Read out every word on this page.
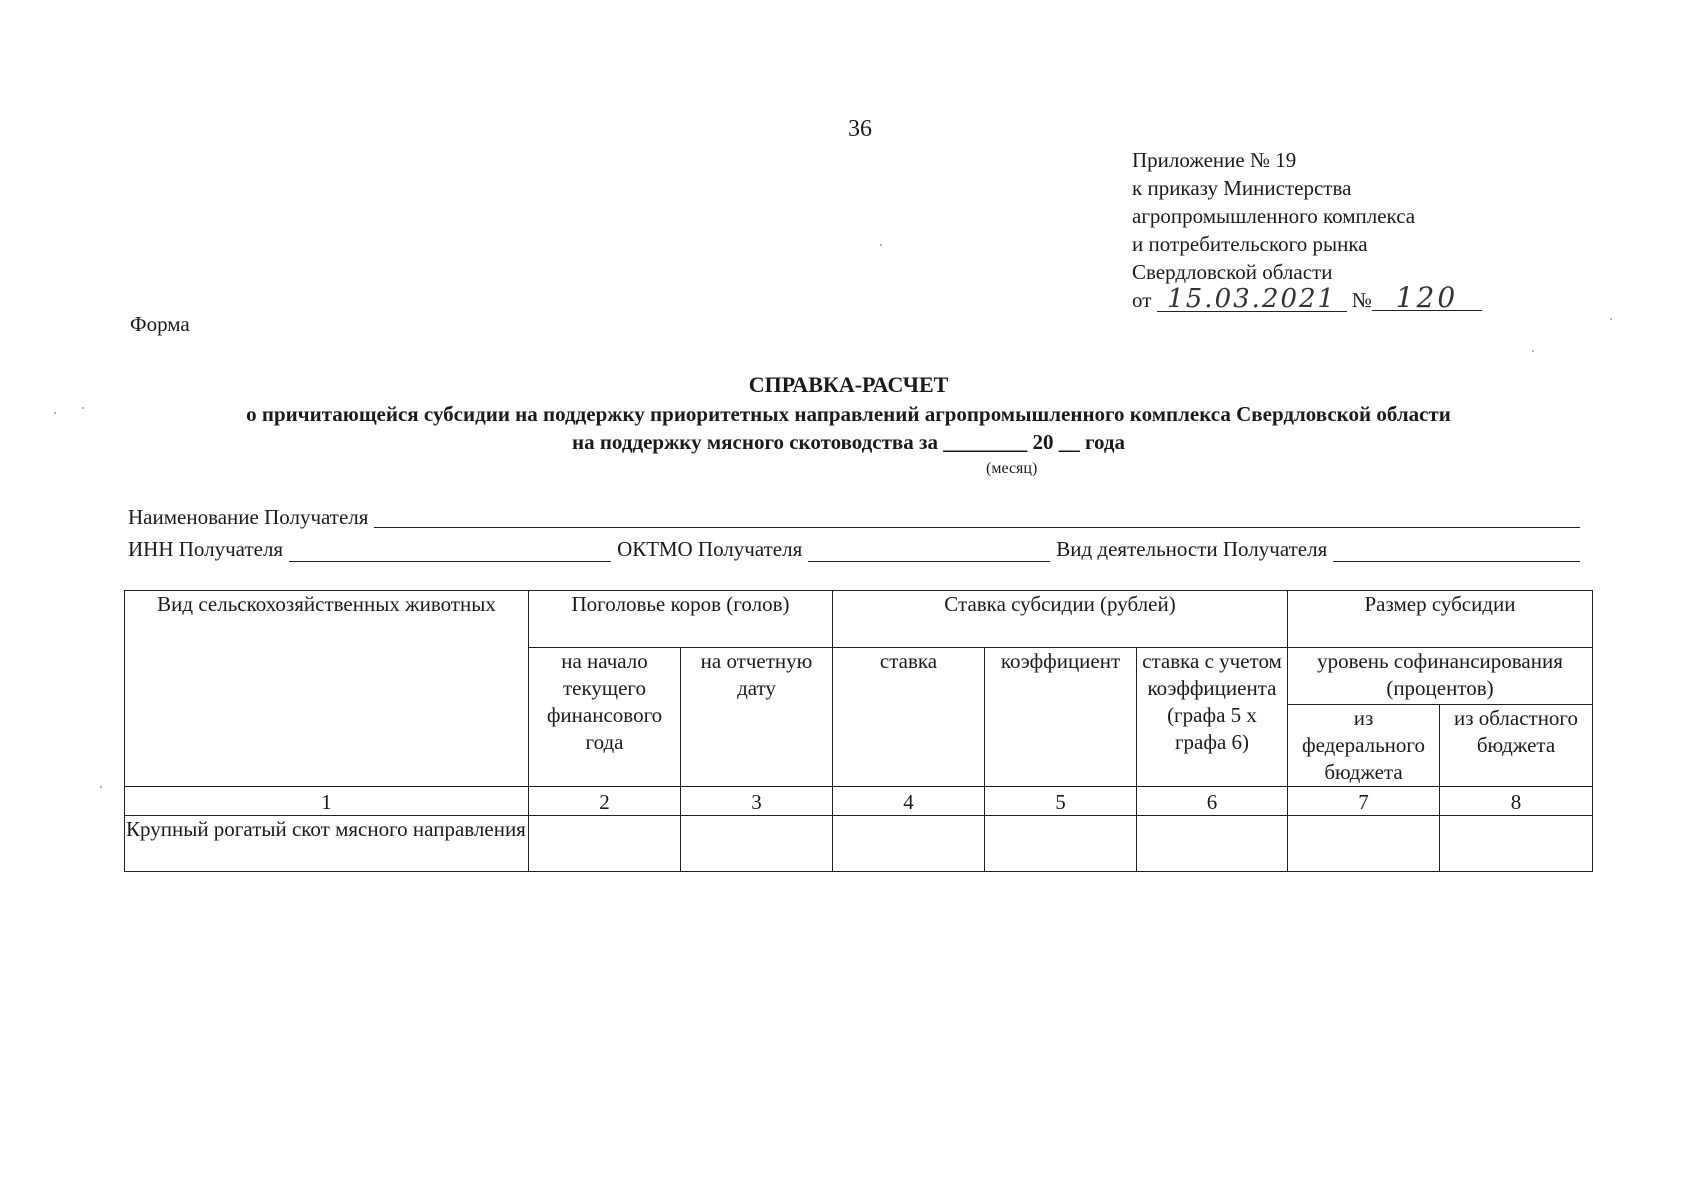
36
Приложение № 19
к приказу Министерства
агропромышленного комплекса
и потребительского рынка
Свердловской области
от 15.03.2021 № 120
Форма
СПРАВКА-РАСЧЕТ
о причитающейся субсидии на поддержку приоритетных направлений агропромышленного комплекса Свердловской области
на поддержку мясного скотоводства за ________ 20 __ года
(месяц)
Наименование Получателя
ИНН Получателя	ОКТМО Получателя	Вид деятельности Получателя
Вид сельскохозяйственных животных	Поголовье коров (голов)		Ставка субсидии (рублей)			Размер субсидии	
	на начало текущего финансового года	на отчетную дату	ставка	коэффициент	ставка с учетом коэффициента (графа 5 x графа 6)	уровень софинансирования (процентов)	
						из федерального бюджета	из областного бюджета
1	2	3	4	5	6	7	8
Крупный рогатый скот мясного направления							
